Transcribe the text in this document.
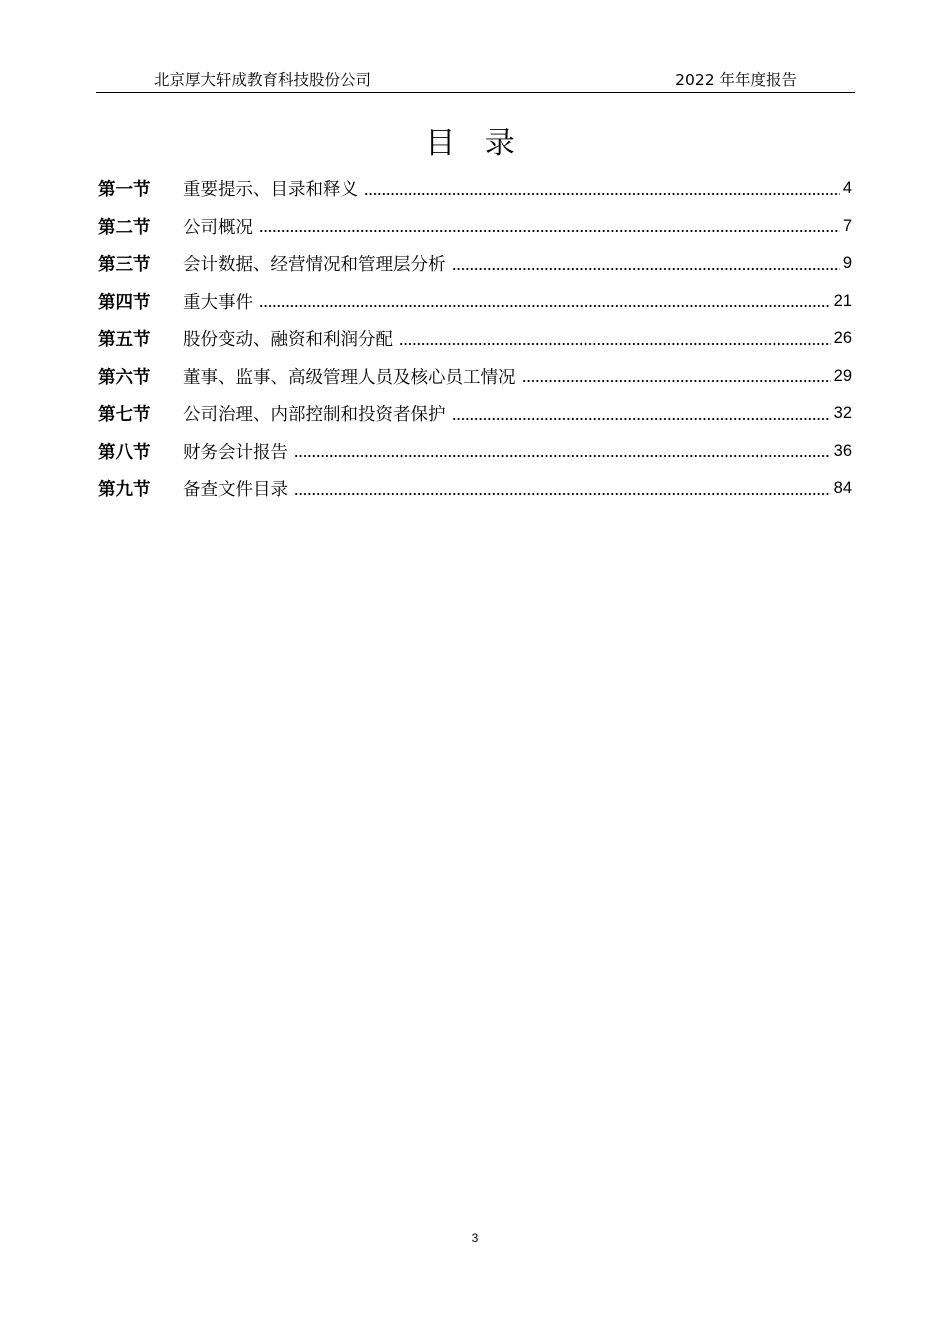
北京厚大轩成教育科技股份公司	2022 年年度报告
目 录
第一节	重要提示、目录和释义	4
第二节	公司概况	7
第三节	会计数据、经营情况和管理层分析	9
第四节	重大事件	21
第五节	股份变动、融资和利润分配	26
第六节	董事、监事、高级管理人员及核心员工情况	29
第七节	公司治理、内部控制和投资者保护	32
第八节	财务会计报告	36
第九节	备查文件目录	84
3
